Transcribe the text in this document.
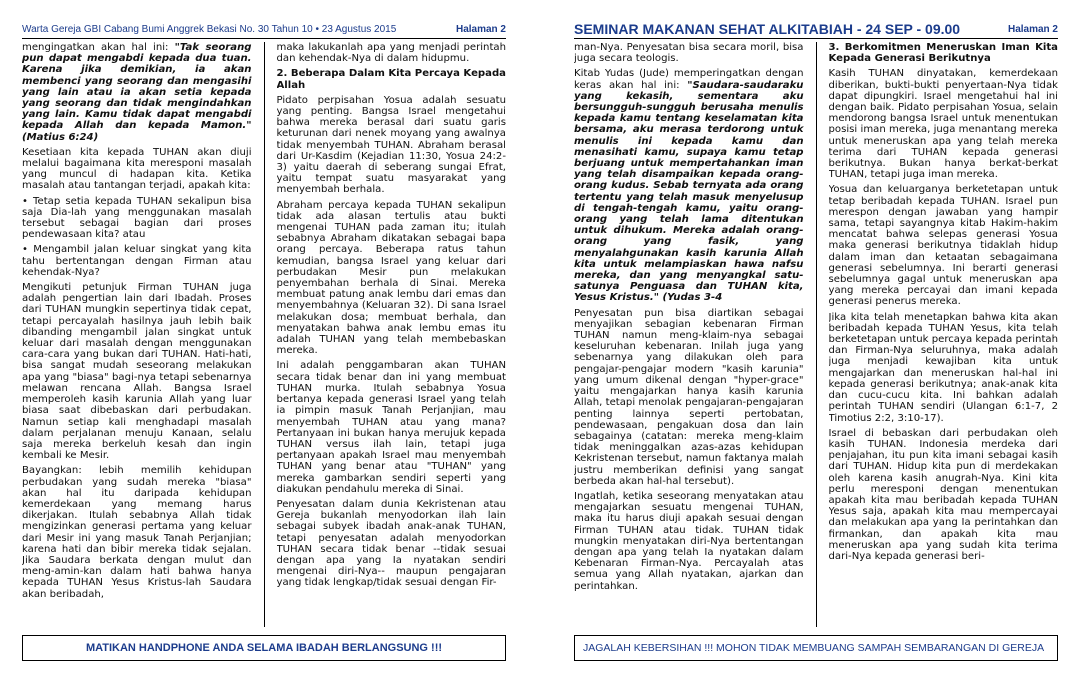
Warta Gereja GBI Cabang Bumi Anggrek Bekasi No. 30 Tahun 10 • 23 Agustus 2015	Halaman 2

mengingatkan akan hal ini: "Tak seorang pun dapat mengabdi kepada dua tuan. Karena jika demikian, ia akan membenci yang seorang dan mengasihi yang lain atau ia akan setia kepada yang seorang dan tidak mengindahkan yang lain. Kamu tidak dapat mengabdi kepada Allah dan kepada Mamon." (Matius 6:24)

Kesetiaan kita kepada TUHAN akan diuji melalui bagaimana kita meresponi masalah yang muncul di hadapan kita. Ketika masalah atau tantangan terjadi, apakah kita:

• Tetap setia kepada TUHAN sekalipun bisa saja Dia-lah yang menggunakan masalah tersebut sebagai bagian dari proses pendewasaan kita? atau

• Mengambil jalan keluar singkat yang kita tahu bertentangan dengan Firman atau kehendak-Nya?

Mengikuti petunjuk Firman TUHAN juga adalah pengertian lain dari Ibadah. Proses dari TUHAN mungkin sepertinya tidak cepat, tetapi percayalah hasilnya jauh lebih baik dibanding mengambil jalan singkat untuk keluar dari masalah dengan menggunakan cara-cara yang bukan dari TUHAN. Hati-hati, bisa sangat mudah seseorang melakukan apa yang "biasa" bagi-nya tetapi sebenarnya melawan rencana Allah. Bangsa Israel memperoleh kasih karunia Allah yang luar biasa saat dibebaskan dari perbudakan. Namun setiap kali menghadapi masalah dalam perjalanan menuju Kanaan, selalu saja mereka berkeluh kesah dan ingin kembali ke Mesir.

Bayangkan: lebih memilih kehidupan perbudakan yang sudah mereka "biasa" akan hal itu daripada kehidupan kemerdekaan yang memang harus dikerjakan. Itulah sebabnya Allah tidak mengizinkan generasi pertama yang keluar dari Mesir ini yang masuk Tanah Perjanjian; karena hati dan bibir mereka tidak sejalan. Jika Saudara berkata dengan mulut dan meng-amin-kan dalam hati bahwa hanya kepada TUHAN Yesus Kristus-lah Saudara akan beribadah,

maka lakukanlah apa yang menjadi perintah dan kehendak-Nya di dalam hidupmu.

2. Beberapa Dalam Kita Percaya Kepada Allah

Pidato perpisahan Yosua adalah sesuatu yang penting. Bangsa Israel mengetahui bahwa mereka berasal dari suatu garis keturunan dari nenek moyang yang awalnya tidak menyembah TUHAN. Abraham berasal dari Ur-Kasdim (Kejadian 11:30, Yosua 24:2-3) yaitu daerah di seberang sungai Efrat, yaitu tempat suatu masyarakat yang menyembah berhala.

Abraham percaya kepada TUHAN sekalipun tidak ada alasan tertulis atau bukti mengenai TUHAN pada zaman itu; itulah sebabnya Abraham dikatakan sebagai bapa orang percaya. Beberapa ratus tahun kemudian, bangsa Israel yang keluar dari perbudakan Mesir pun melakukan penyembahan berhala di Sinai. Mereka membuat patung anak lembu dari emas dan menyembahnya (Keluaran 32). Di sana Israel melakukan dosa; membuat berhala, dan menyatakan bahwa anak lembu emas itu adalah TUHAN yang telah membebaskan mereka.

Ini adalah penggambaran akan TUHAN secara tidak benar dan ini yang membuat TUHAN murka. Itulah sebabnya Yosua bertanya kepada generasi Israel yang telah ia pimpin masuk Tanah Perjanjian, mau menyembah TUHAN atau yang mana? Pertanyaan ini bukan hanya merujuk kepada TUHAN versus ilah lain, tetapi juga pertanyaan apakah Israel mau menyembah TUHAN yang benar atau "TUHAN" yang mereka gambarkan sendiri seperti yang diakukan pendahulu mereka di Sinai.

Penyesatan dalam dunia Kekristenan atau Gereja bukanlah menyodorkan ilah lain sebagai subyek ibadah anak-anak TUHAN, tetapi penyesatan adalah menyodorkan TUHAN secara tidak benar --tidak sesuai dengan apa yang Ia nyatakan sendiri mengenai diri-Nya-- maupun pengajaran yang tidak lengkap/tidak sesuai dengan Fir-

MATIKAN HANDPHONE ANDA SELAMA IBADAH BERLANGSUNG !!!
SEMINAR MAKANAN SEHAT ALKITABIAH - 24 SEP - 09.00	Halaman 2

man-Nya. Penyesatan bisa secara moril, bisa juga secara teologis.

Kitab Yudas (Jude) memperingatkan dengan keras akan hal ini: "Saudara-saudaraku yang kekasih, sementara aku bersungguh-sungguh berusaha menulis kepada kamu tentang keselamatan kita bersama, aku merasa terdorong untuk menulis ini kepada kamu dan menasihati kamu, supaya kamu tetap berjuang untuk mempertahankan iman yang telah disampaikan kepada orang-orang kudus. Sebab ternyata ada orang tertentu yang telah masuk menyelusup di tengah-tengah kamu, yaitu orang-orang yang telah lama ditentukan untuk dihukum. Mereka adalah orang-orang yang fasik, yang menyalahgunakan kasih karunia Allah kita untuk melampiaskan hawa nafsu mereka, dan yang menyangkal satu-satunya Penguasa dan TUHAN kita, Yesus Kristus." (Yudas 3-4

Penyesatan pun bisa diartikan sebagai menyajikan sebagian kebenaran Firman TUHAN namun meng-klaim-nya sebagai keseluruhan kebenaran. Inilah juga yang sebenarnya yang dilakukan oleh para pengajar-pengajar modern "kasih karunia" yang umum dikenal dengan "hyper-grace" yaitu mengajarkan hanya kasih karunia Allah, tetapi menolak pengajaran-pengajaran penting lainnya seperti pertobatan, pendewasaan, pengakuan dosa dan lain sebagainya (catatan: mereka meng-klaim tidak meninggalkan azas-azas kehidupan Kekristenan tersebut, namun faktanya malah justru memberikan definisi yang sangat berbeda akan hal-hal tersebut).

Ingatlah, ketika seseorang menyatakan atau mengajarkan sesuatu mengenai TUHAN, maka itu harus diuji apakah sesuai dengan Firman TUHAN atau tidak. TUHAN tidak mungkin menyatakan diri-Nya bertentangan dengan apa yang telah Ia nyatakan dalam Kebenaran Firman-Nya. Percayalah atas semua yang Allah nyatakan, ajarkan dan perintahkan.

3. Berkomitmen Meneruskan Iman Kita Kepada Generasi Berikutnya

Kasih TUHAN dinyatakan, kemerdekaan diberikan, bukti-bukti penyertaan-Nya tidak dapat dipungkiri. Israel mengetahui hal ini dengan baik. Pidato perpisahan Yosua, selain mendorong bangsa Israel untuk menentukan posisi iman mereka, juga menantang mereka untuk meneruskan apa yang telah mereka terima dari TUHAN kepada generasi berikutnya. Bukan hanya berkat-berkat TUHAN, tetapi juga iman mereka.

Yosua dan keluarganya berketetapan untuk tetap beribadah kepada TUHAN. Israel pun merespon dengan jawaban yang hampir sama, tetapi sayangnya kitab Hakim-hakim mencatat bahwa selepas generasi Yosua maka generasi berikutnya tidaklah hidup dalam iman dan ketaatan sebagaimana generasi sebelumnya. Ini berarti generasi sebelumnya gagal untuk meneruskan apa yang mereka percayai dan imani kepada generasi penerus mereka.

Jika kita telah menetapkan bahwa kita akan beribadah kepada TUHAN Yesus, kita telah berketetapan untuk percaya kepada perintah dan Firman-Nya seluruhnya, maka adalah juga menjadi kewajiban kita untuk mengajarkan dan meneruskan hal-hal ini kepada generasi berikutnya; anak-anak kita dan cucu-cucu kita. Ini bahkan adalah perintah TUHAN sendiri (Ulangan 6:1-7, 2 Timotius 2:2, 3:10-17).

Israel di bebaskan dari perbudakan oleh kasih TUHAN. Indonesia merdeka dari penjajahan, itu pun kita imani sebagai kasih dari TUHAN. Hidup kita pun di merdekakan oleh karena kasih anugrah-Nya. Kini kita perlu meresponi dengan menentukan apakah kita mau beribadah kepada TUHAN Yesus saja, apakah kita mau mempercayai dan melakukan apa yang Ia perintahkan dan firmankan, dan apakah kita mau meneruskan apa yang sudah kita terima dari-Nya kepada generasi beri-

JAGALAH KEBERSIHAN !!! MOHON TIDAK MEMBUANG SAMPAH SEMBARANGAN DI GEREJA
